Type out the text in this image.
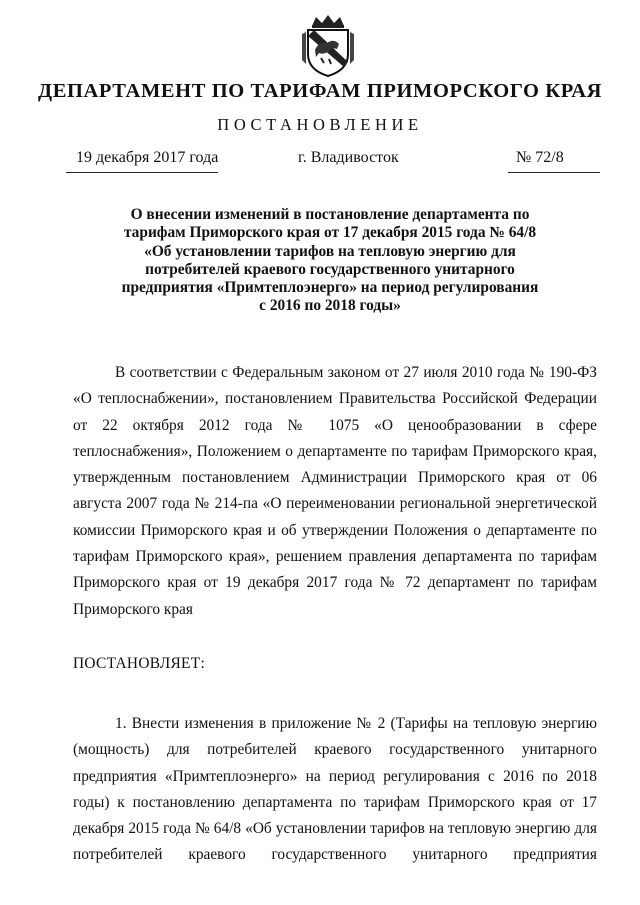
ДЕПАРТАМЕНТ ПО ТАРИФАМ ПРИМОРСКОГО КРАЯ
ПОСТАНОВЛЕНИЕ
19 декабря 2017 года	г. Владивосток	№ 72/8
О внесении изменений в постановление департамента по тарифам Приморского края от 17 декабря 2015 года № 64/8 «Об установлении тарифов на тепловую энергию для потребителей краевого государственного унитарного предприятия «Примтеплоэнерго» на период регулирования с 2016 по 2018 годы»
В соответствии с Федеральным законом от 27 июля 2010 года № 190-ФЗ «О теплоснабжении», постановлением Правительства Российской Федерации от 22 октября 2012 года № 1075 «О ценообразовании в сфере теплоснабжения», Положением о департаменте по тарифам Приморского края, утвержденным постановлением Администрации Приморского края от 06 августа 2007 года № 214-па «О переименовании региональной энергетической комиссии Приморского края и об утверждении Положения о департаменте по тарифам Приморского края», решением правления департамента по тарифам Приморского края от 19 декабря 2017 года № 72 департамент по тарифам Приморского края
ПОСТАНОВЛЯЕТ:
1. Внести изменения в приложение № 2 (Тарифы на тепловую энергию (мощность) для потребителей краевого государственного унитарного предприятия «Примтеплоэнерго» на период регулирования с 2016 по 2018 годы) к постановлению департамента по тарифам Приморского края от 17 декабря 2015 года № 64/8 «Об установлении тарифов на тепловую энергию для потребителей краевого государственного унитарного предприятия
